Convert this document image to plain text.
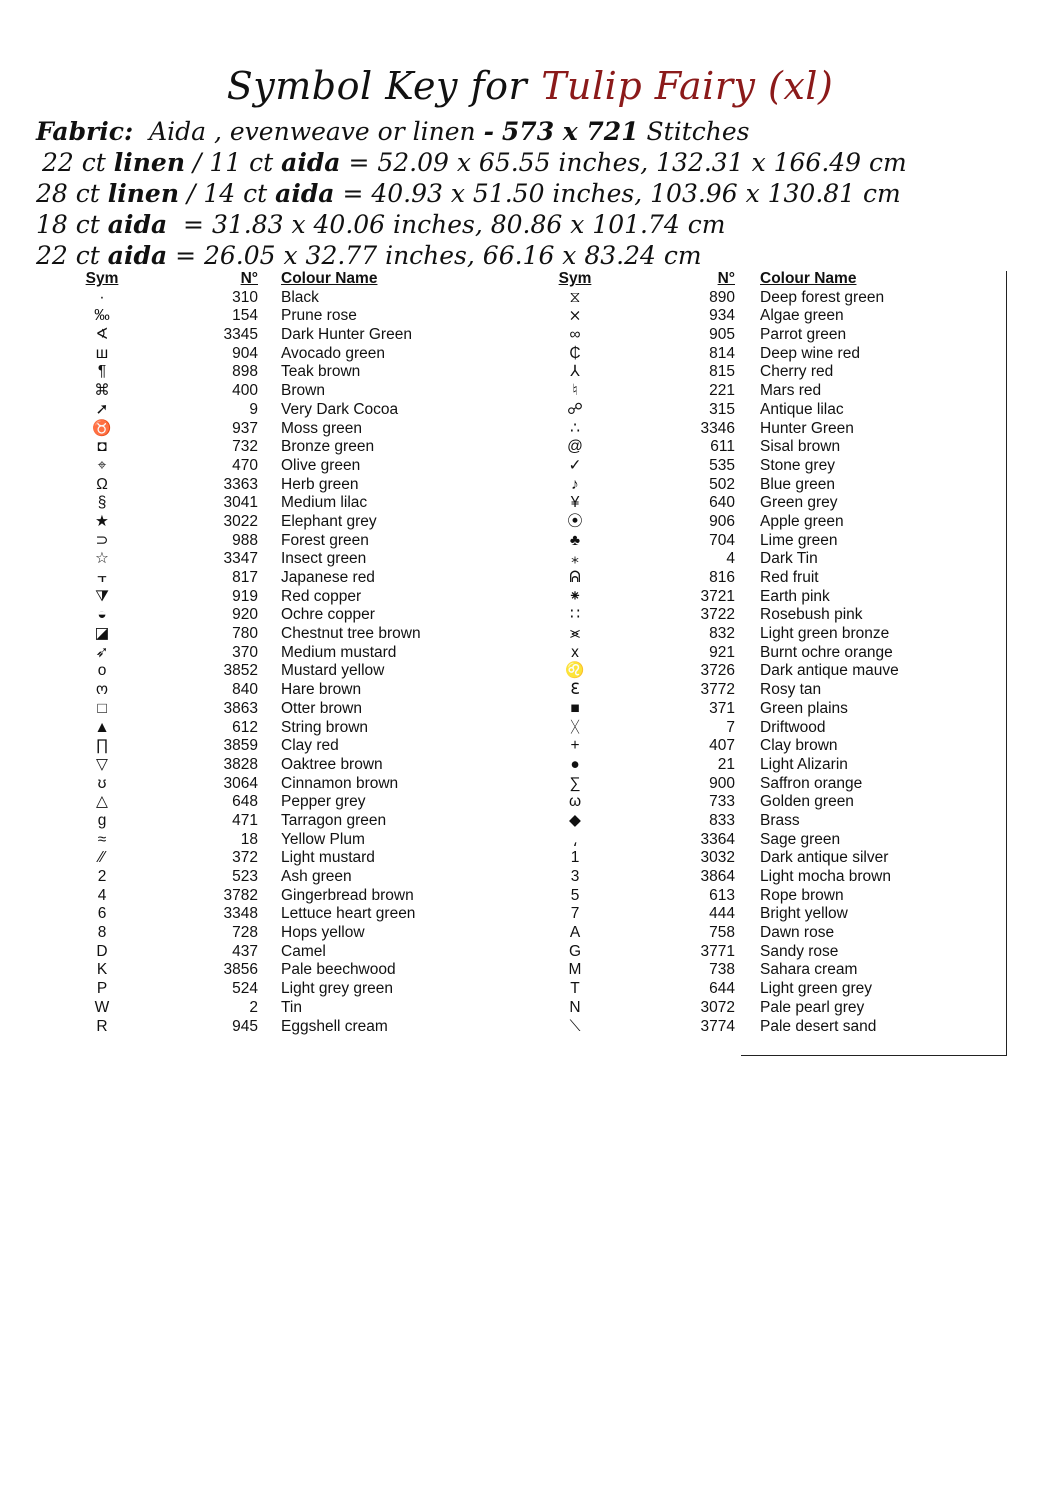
Symbol Key for Tulip Fairy (xl)
Fabric: Aida , evenweave or linen - 573 x 721 Stitches
22 ct linen / 11 ct aida = 52.09 x 65.55 inches, 132.31 x 166.49 cm
28 ct linen / 14 ct aida = 40.93 x 51.50 inches, 103.96 x 130.81 cm
18 ct aida = 31.83 x 40.06 inches, 80.86 x 101.74 cm
22 ct aida = 26.05 x 32.77 inches, 66.16 x 83.24 cm
Sym	N° Colour Name
·	310 Black
‰	154 Prune rose
∢	3345 Dark Hunter Green
ш	904 Avocado green
¶	898 Teak brown
⌘	400 Brown
➚	9 Very Dark Cocoa
♉	937 Moss green
◘	732 Bronze green
⌖	470 Olive green
Ω	3363 Herb green
§	3041 Medium lilac
★	3022 Elephant grey
⊃	988 Forest green
☆	3347 Insect green
⫟	817 Japanese red
⧩	919 Red copper
◒	920 Ochre copper
◪	780 Chestnut tree brown
➶	370 Medium mustard
o	3852 Mustard yellow
ო	840 Hare brown
□	3863 Otter brown
▲	612 String brown
∏	3859 Clay red
▽	3828 Oaktree brown
ʊ	3064 Cinnamon brown
△	648 Pepper grey
g	471 Tarragon green
≈	18 Yellow Plum
⁄⁄	372 Light mustard
2	523 Ash green
4	3782 Gingerbread brown
6	3348 Lettuce heart green
8	728 Hops yellow
D	437 Camel
K	3856 Pale beechwood
P	524 Light grey green
W	2 Tin
R	945 Eggshell cream
Sym	N° Colour Name
⧖	890 Deep forest green
⨯	934 Algae green
∞	905 Parrot green
₵	814 Deep wine red
⅄	815 Cherry red
♮	221 Mars red
☍	315 Antique lilac
∴	3346 Hunter Green
@	611 Sisal brown
✓	535 Stone grey
♪	502 Blue green
¥	640 Green grey
⦿	906 Apple green
♣	704 Lime green
⁎	4 Dark Tin
ᕱ	816 Red fruit
⁕	3721 Earth pink
∷	3722 Rosebush pink
⪤	832 Light green bronze
x	921 Burnt ochre orange
♌	3726 Dark antique mauve
ℇ	3772 Rosy tan
■	371 Green plains
ᚷ	7 Driftwood
+	407 Clay brown
●	21 Light Alizarin
∑	900 Saffron orange
ω	733 Golden green
◆	833 Brass
⸲	3364 Sage green
1	3032 Dark antique silver
3	3864 Light mocha brown
5	613 Rope brown
7	444 Bright yellow
A	758 Dawn rose
G	3771 Sandy rose
M	738 Sahara cream
T	644 Light green grey
N	3072 Pale pearl grey
⟍	3774 Pale desert sand
